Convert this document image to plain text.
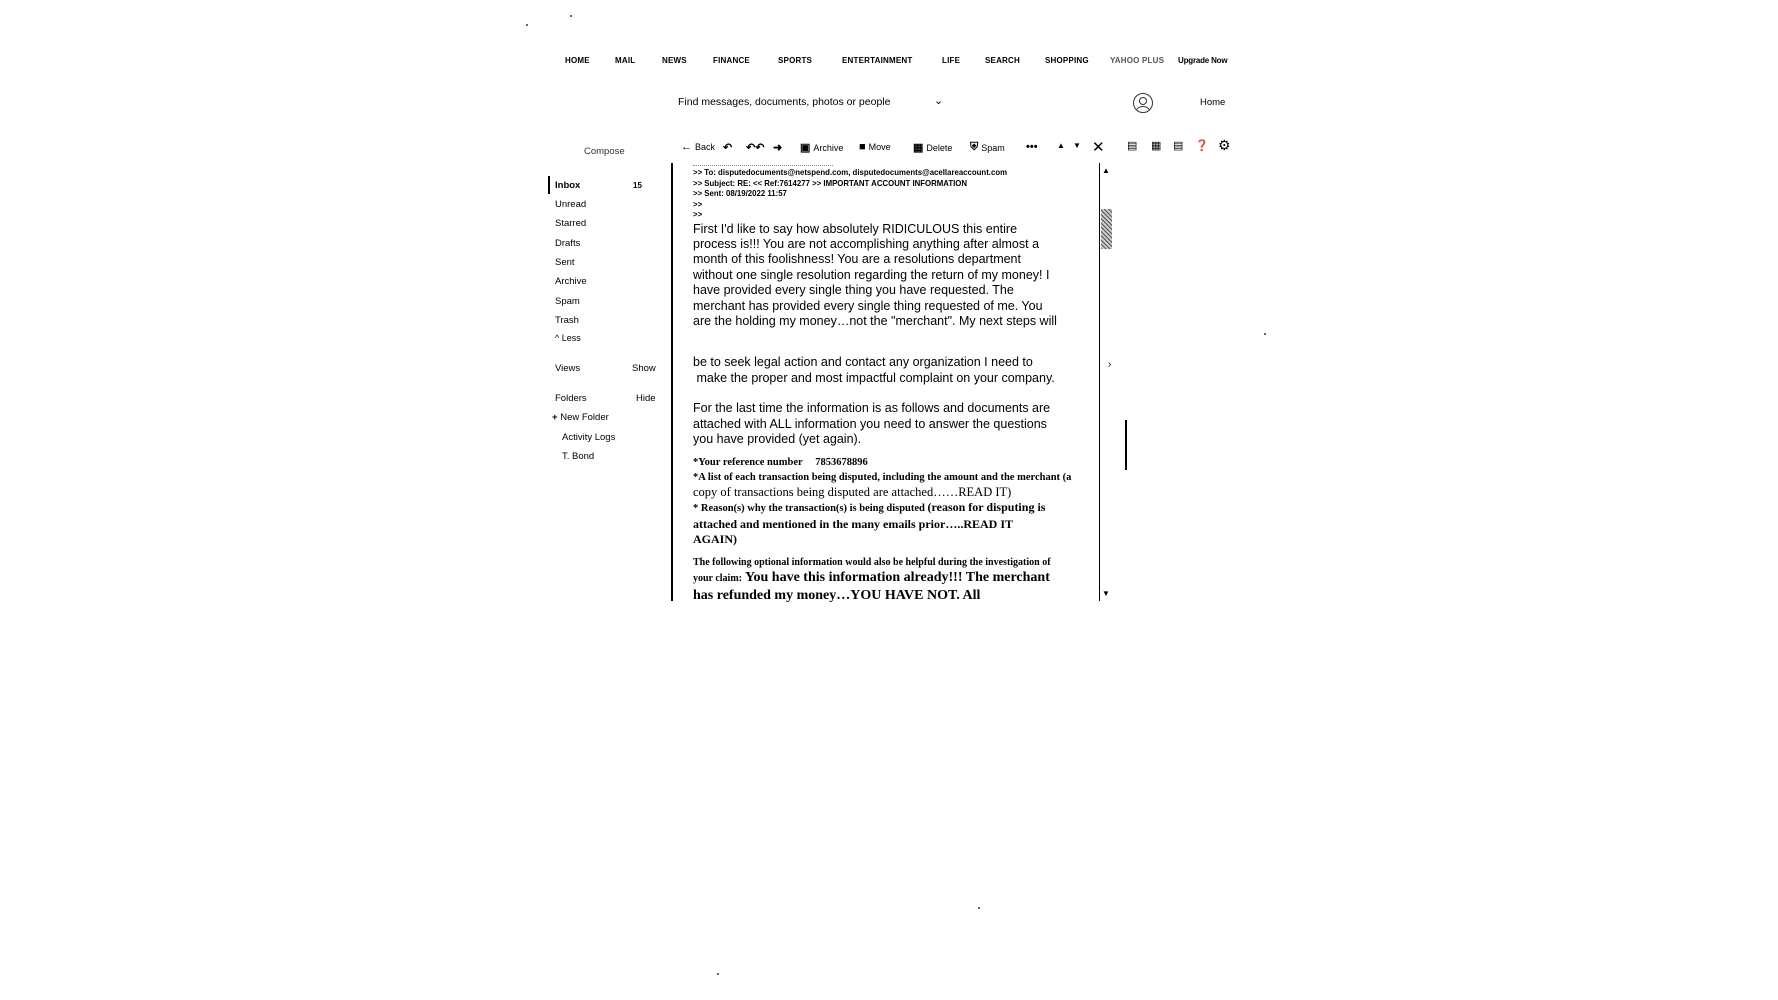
HOME	MAIL	NEWS	FINANCE	SPORTS	ENTERTAINMENT	LIFE	SEARCH	SHOPPING	YAHOO PLUS Upgrade Now
Find messages, documents, photos or people	⌄	Home
Compose	← Back ↶ ↶↶ ➜ ▣ Archive ■ Move ▦ Delete ⛨ Spam ••• ▲ ▼ ✕ ▤ ▦ ▤ ❓ ⚙
Inbox	15
Unread
Starred
Drafts
Sent
Archive
Spam
Trash
^ Less
Views	Show
Folders	Hide
+ New Folder
Activity Logs
T. Bond
>> To: disputedocuments@netspend.com, disputedocuments@acellareaccount.com
>> Subject: RE: << Ref:7614277 >> IMPORTANT ACCOUNT INFORMATION
>> Sent: 08/19/2022 11:57
>>
>>
First I'd like to say how absolutely RIDICULOUS this entire
process is!!! You are not accomplishing anything after almost a
month of this foolishness! You are a resolutions department
without one single resolution regarding the return of my money! I
have provided every single thing you have requested. The
merchant has provided every single thing requested of me. You
are the holding my money…not the "merchant". My next steps will
be to seek legal action and contact any organization I need to
make the proper and most impactful complaint on your company.
For the last time the information is as follows and documents are
attached with ALL information you need to answer the questions
you have provided (yet again).
*Your reference number 7853678896
*A list of each transaction being disputed, including the amount and the merchant (a
copy of transactions being disputed are attached……READ IT)
* Reason(s) why the transaction(s) is being disputed (reason for disputing is
attached and mentioned in the many emails prior…..READ IT
AGAIN)
The following optional information would also be helpful during the investigation of
your claim: You have this information already!!! The merchant
has refunded my money…YOU HAVE NOT. All
▲
▼
›
